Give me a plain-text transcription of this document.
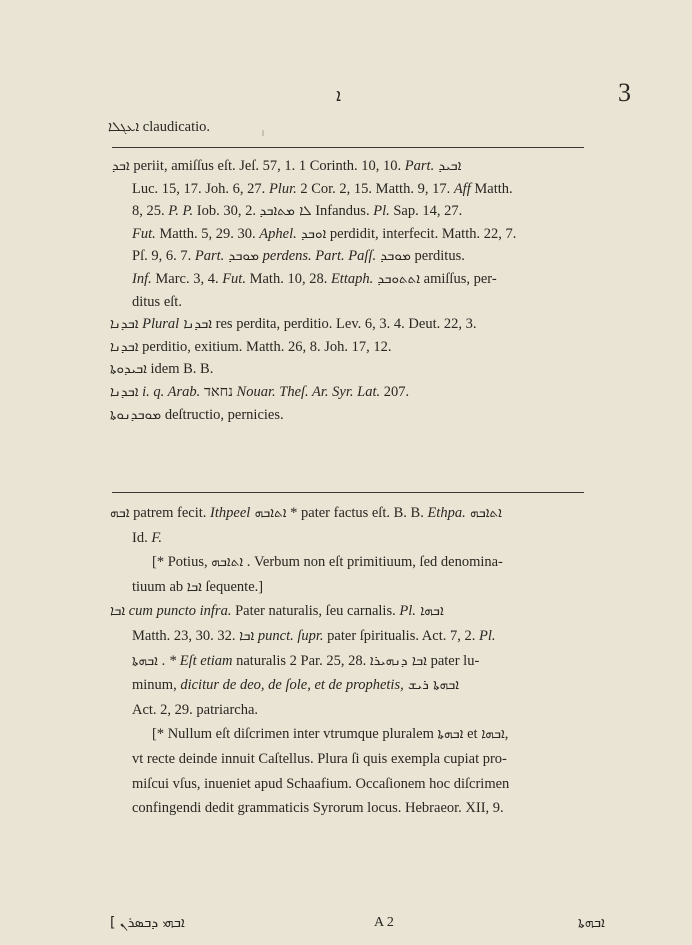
ܐ	3
ܐܥܓܠܐ claudicatio.
ܐܒܕ periit, amiſſus eſt. Jeſ. 57, 1. 1 Corinth. 10, 10. Part. ܐܒܝܕ
Luc. 15, 17. Joh. 6, 27. Plur. 2 Cor. 2, 15. Matth. 9, 17. Aff Matth.
8, 25. P. P. Iob. 30, 2. ܠܐ ܡܬܐܒܕ Infandus. Pl. Sap. 14, 27.
Fut. Matth. 5, 29. 30. Aphel. ܐܘܒܕ perdidit, interfecit. Matth. 22, 7.
Pſ. 9, 6. 7. Part. ܡܘܒܕ perdens. Part. Paſſ. ܡܘܒܕ perditus.
Inf. Marc. 3, 4. Fut. Math. 10, 28. Ettaph. ܐܬܬܘܒܕ amiſſus, per-
ditus eſt.
ܐܒܕܢܐ Plural ܐܒܕܢܐ res perdita, perditio. Lev. 6, 3. 4. Deut. 22, 3.
ܐܒܕܢܐ perditio, exitium. Matth. 26, 8. Joh. 17, 12.
ܐܒܝܕܘܬܐ idem B. B.
ܐܒܕܢܐ i. q. Arab. נחאד Nouar. Theſ. Ar. Syr. Lat. 207.
ܡܘܒܕܢܘܬܐ deſtructio, pernicies.
ܐܒܗ patrem fecit. Ithpeel ܐܬܐܒܗ * pater factus eſt. B. B. Ethpa. ܐܬܐܒܗ
Id. F.
[* Potius, ܐܬܐܒܗ . Verbum non eſt primitiuum, ſed denomina-
tiuum ab ܐܒܐ ſequente.]
ܐܒܐ cum puncto infra. Pater naturalis, ſeu carnalis. Pl. ܐܒܗܐ
Matth. 23, 30. 32. ܐܒܐ punct. ſupr. pater ſpiritualis. Act. 7, 2. Pl.
ܐܒܗܬܐ . * Eſt etiam naturalis 2 Par. 25, 28. ܐܒܐ ܕܢܗܝܪܐ pater lu-
minum, dicitur de deo, de ſole, et de prophetis, ܐܒܗܬܐ ܪܝܫ
Act. 2, 29. patriarcha.
[* Nullum eſt diſcrimen inter vtrumque pluralem ܐܒܗܬܐ et ܐܒܗܐ,
vt recte deinde innuit Caſtellus. Plura ſi quis exempla cupiat pro-
miſcui vſus, inueniet apud Schaafium. Occaſionem hoc diſcrimen
confingendi dedit grammaticis Syrorum locus. Hebraeor. XII, 9.
[ ܐܒܗܝ ܕܒܣܪܢ	A 2	ܐܒܗܬܐ
